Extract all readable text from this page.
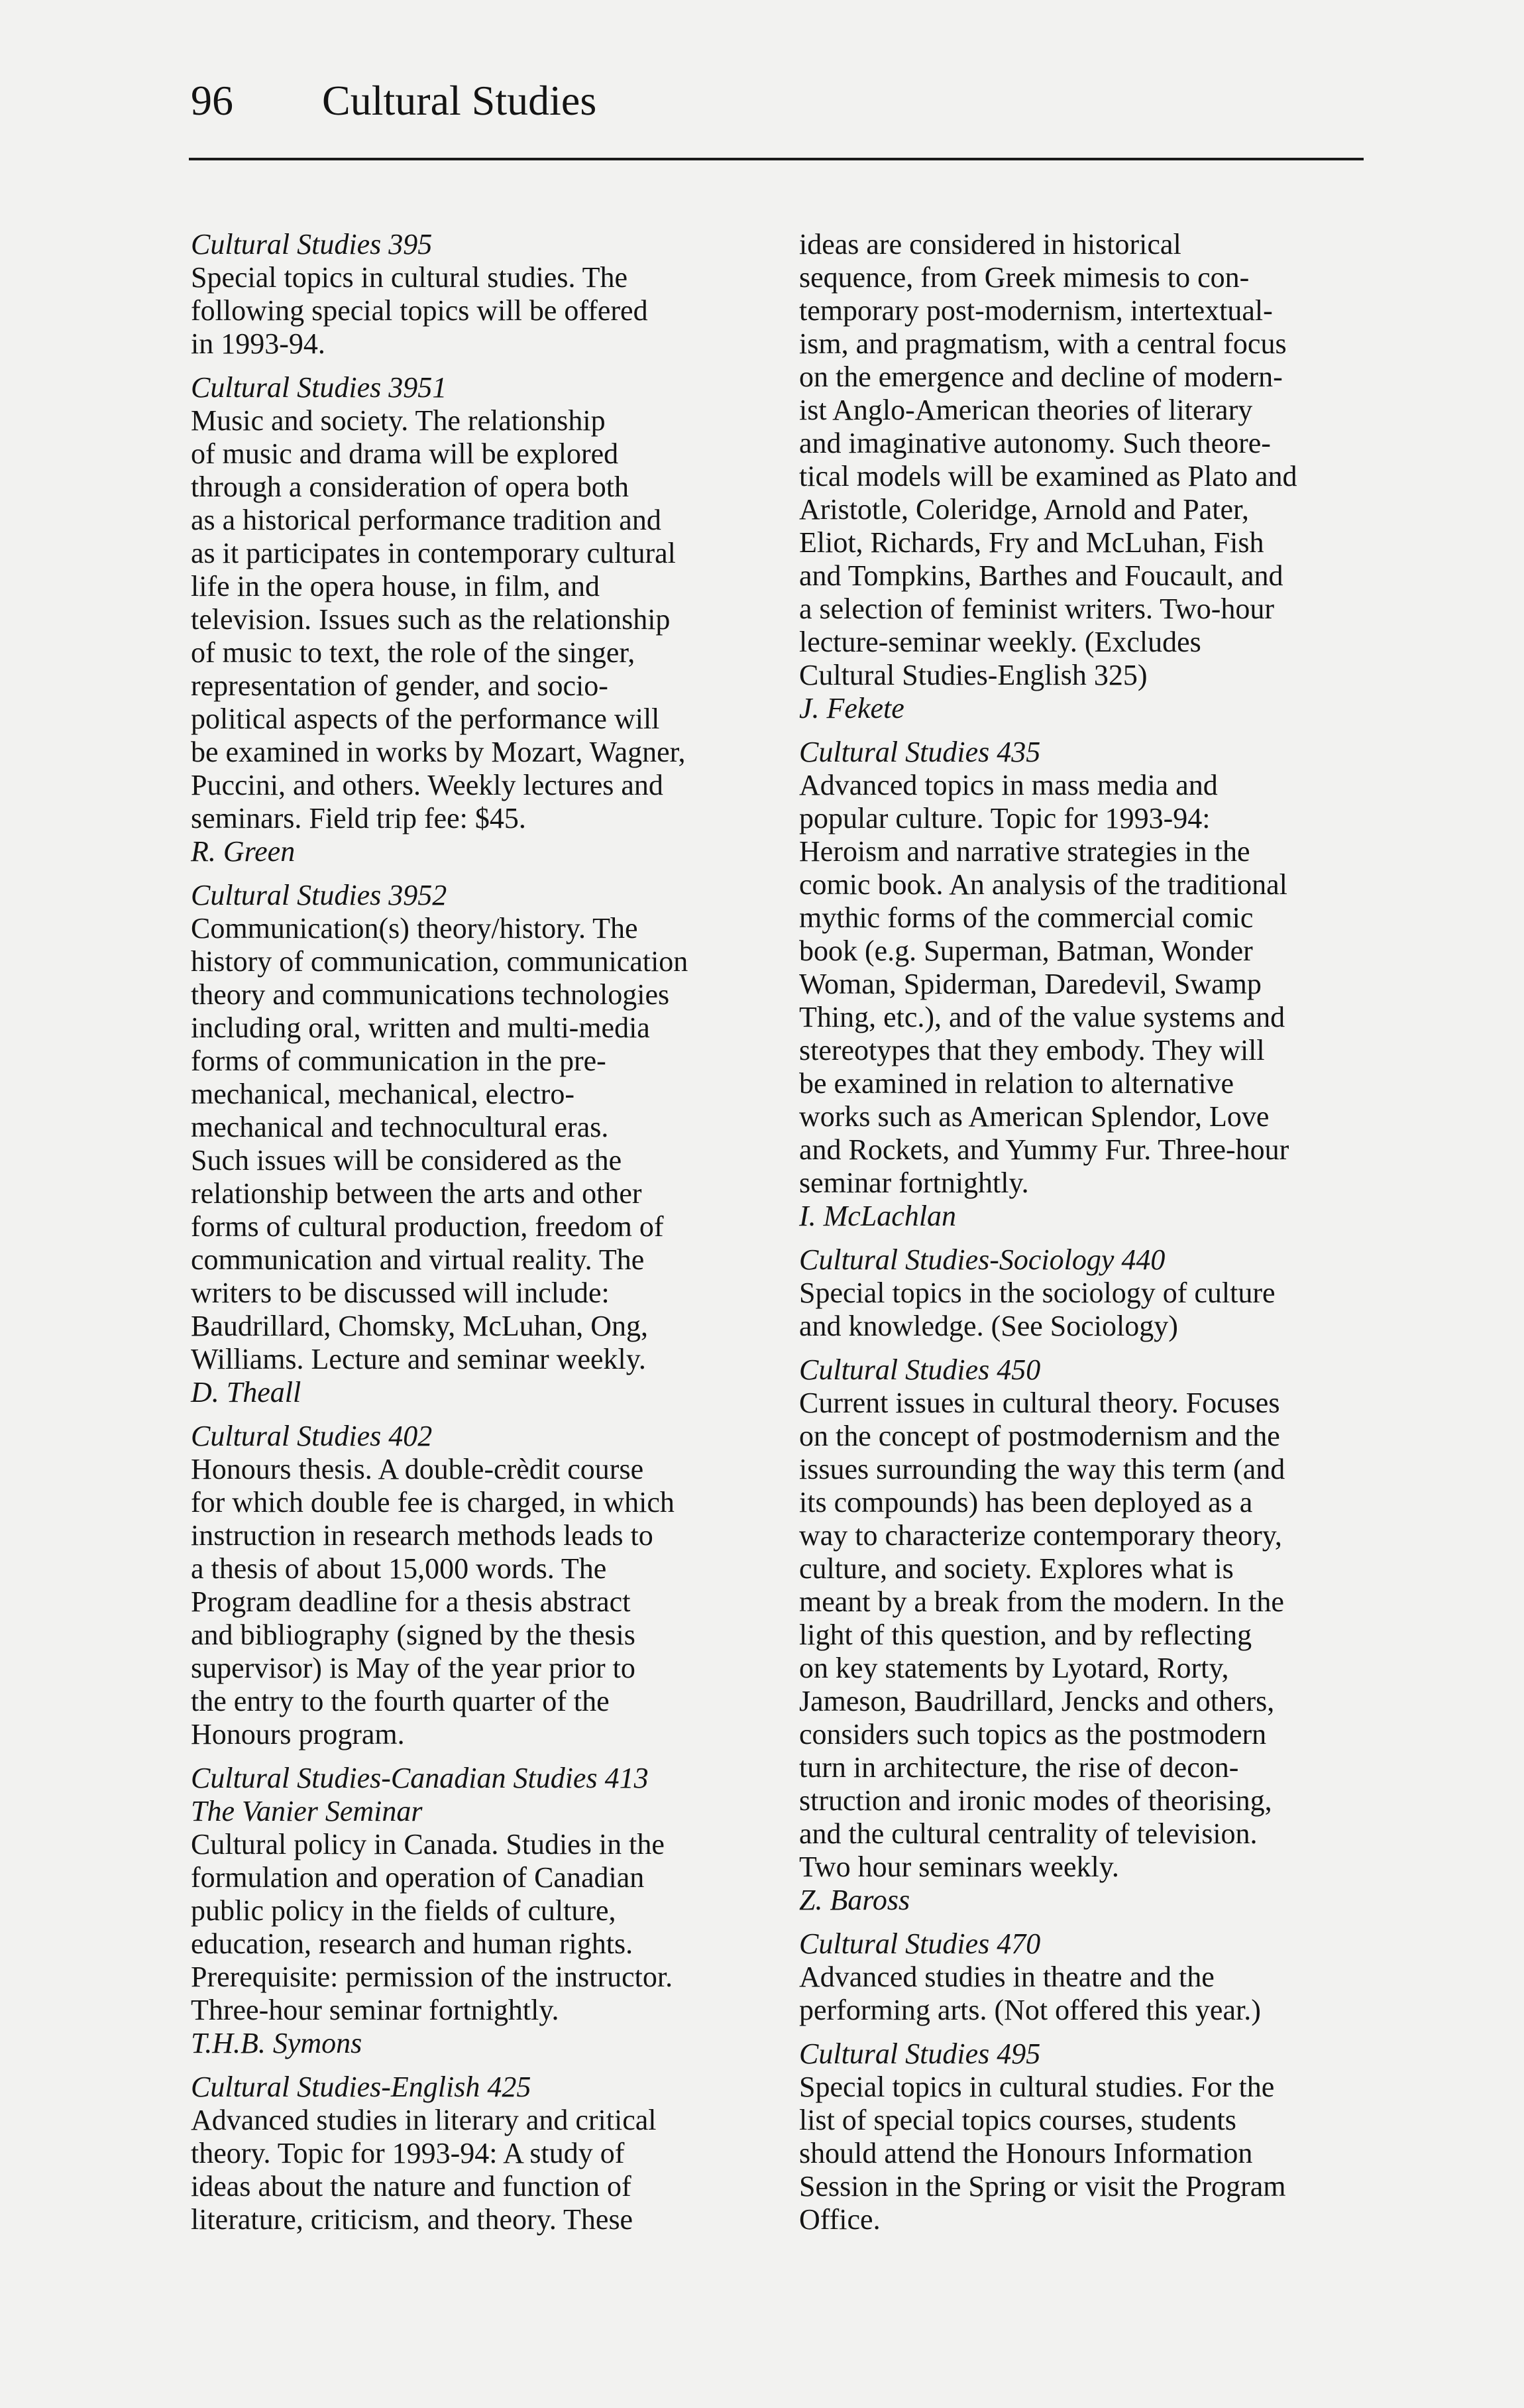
96 Cultural Studies
Cultural Studies 395

Special topics in cultural studies. The
following special topics will be offered
in 1993-94.

Cultural Studies 3951

Music and society. The relationship
of music and drama will be explored
through a consideration of opera both
as a historical performance tradition and
as it participates in contemporary cultural
life in the opera house, in film, and
television. Issues such as the relationship
of music to text, the role of the singer,
representation of gender, and socio-
political aspects of the performance will
be examined in works by Mozart, Wagner,
Puccini, and others. Weekly lectures and
seminars. Field trip fee: $45.

R. Green
Cultural Studies 3952

Communication(s) theory/history. The
history of communication, communication
theory and communications technologies
including oral, written and multi-media
forms of communication in the pre-
mechanical, mechanical, electro-
mechanical and technocultural eras.
Such issues will be considered as the
relationship between the arts and other
forms of cultural production, freedom of
communication and virtual reality. The
writers to be discussed will include:
Baudrillard, Chomsky, McLuhan, Ong,
Williams. Lecture and seminar weekly.

D. Theall
Cultural Studies 402

Honours thesis. A double-crèdit course
for which double fee is charged, in which
instruction in research methods leads to
a thesis of about 15,000 words. The
Program deadline for a thesis abstract
and bibliography (signed by the thesis
supervisor) is May of the year prior to
the entry to the fourth quarter of the
Honours program.

Cultural Studies-Canadian Studies 413
The Vanier Seminar

Cultural policy in Canada. Studies in the
formulation and operation of Canadian
public policy in the fields of culture,
education, research and human rights.
Prerequisite: permission of the instructor.
Three-hour seminar fortnightly.

T.H.B. Symons
Cultural Studies-English 425

Advanced studies in literary and critical
theory. Topic for 1993-94: A study of
ideas about the nature and function of
literature, criticism, and theory. These

ideas are considered in historical
sequence, from Greek mimesis to con-
temporary post-modernism, intertextual-
ism, and pragmatism, with a central focus
on the emergence and decline of modern-
ist Anglo-American theories of literary
and imaginative autonomy. Such theore-
tical models will be examined as Plato and
Aristotle, Coleridge, Arnold and Pater,
Eliot, Richards, Fry and McLuhan, Fish
and Tompkins, Barthes and Foucault, and
a selection of feminist writers. Two-hour
lecture-seminar weekly. (Excludes
Cultural Studies-English 325)

J. Fekete
Cultural Studies 435

Advanced topics in mass media and
popular culture. Topic for 1993-94:
Heroism and narrative strategies in the
comic book. An analysis of the traditional
mythic forms of the commercial comic
book (e.g. Superman, Batman, Wonder
Woman, Spiderman, Daredevil, Swamp
Thing, etc.), and of the value systems and
stereotypes that they embody. They will
be examined in relation to alternative
works such as American Splendor, Love
and Rockets, and Yummy Fur. Three-hour
seminar fortnightly.

I. McLachlan
Cultural Studies-Sociology 440

Special topics in the sociology of culture
and knowledge. (See Sociology)

Cultural Studies 450

Current issues in cultural theory. Focuses
on the concept of postmodernism and the
issues surrounding the way this term (and
its compounds) has been deployed as a
way to characterize contemporary theory,
culture, and society. Explores what is
meant by a break from the modern. In the
light of this question, and by reflecting
on key statements by Lyotard, Rorty,
Jameson, Baudrillard, Jencks and others,
considers such topics as the postmodern
turn in architecture, the rise of decon-
struction and ironic modes of theorising,
and the cultural centrality of television.
Two hour seminars weekly.

Z. Baross
Cultural Studies 470

Advanced studies in theatre and the
performing arts. (Not offered this year.)

Cultural Studies 495

Special topics in cultural studies. For the
list of special topics courses, students
should attend the Honours Information
Session in the Spring or visit the Program
Office.
